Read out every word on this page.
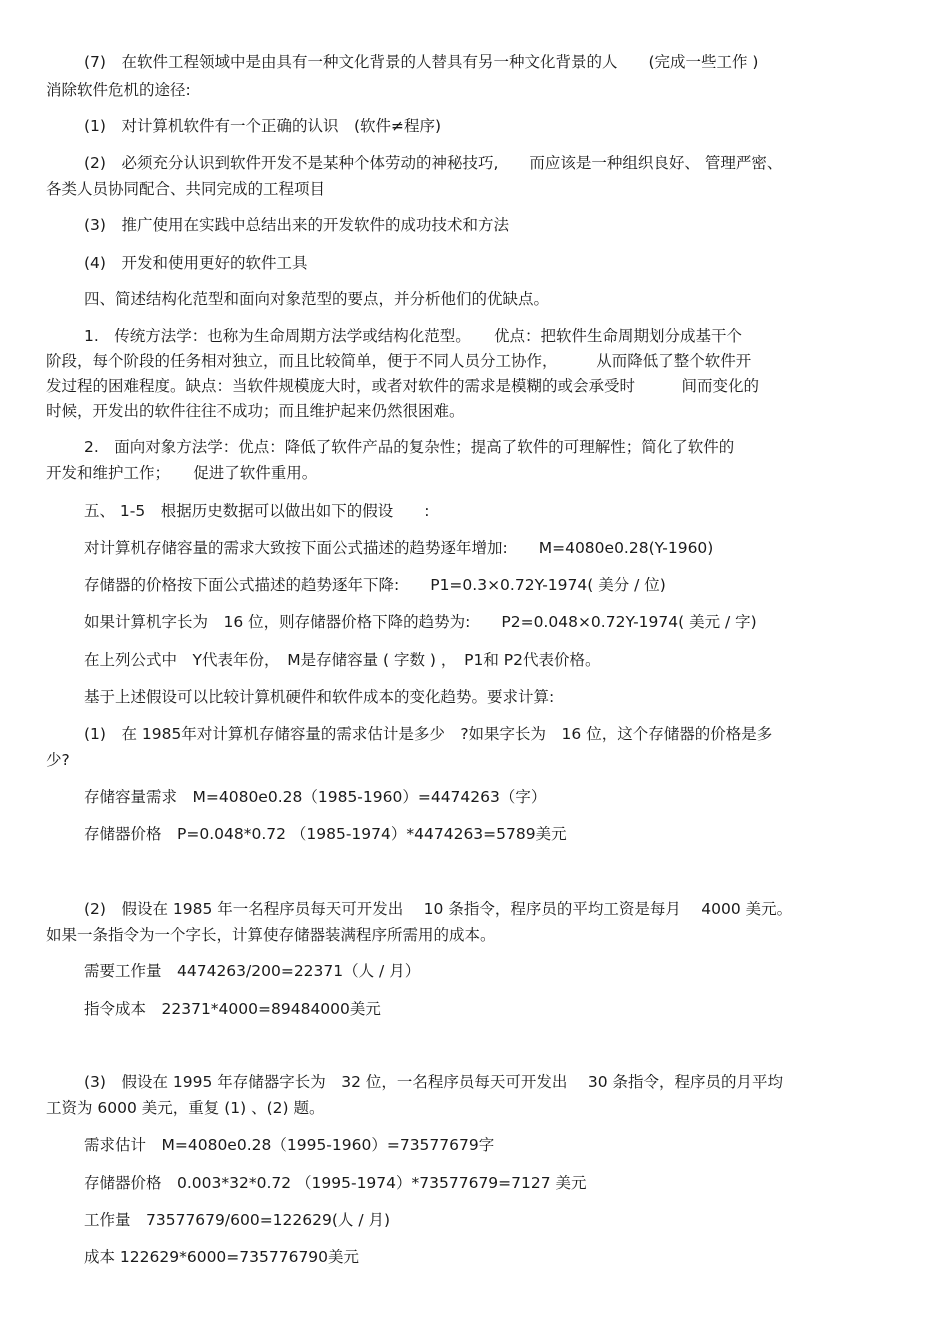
(7)　在软件工程领域中是由具有一种文化背景的人替具有另一种文化背景的人　　(完成一些工作 )
消除软件危机的途径:
(1)　对计算机软件有一个正确的认识　(软件≠程序)
(2)　必须充分认识到软件开发不是某种个体劳动的神秘技巧,　　而应该是一种组织良好、 管理严密、
各类人员协同配合、共同完成的工程项目
(3)　推广使用在实践中总结出来的开发软件的成功技术和方法
(4)　开发和使用更好的软件工具
四、简述结构化范型和面向对象范型的要点，并分析他们的优缺点。
1.　传统方法学：也称为生命周期方法学或结构化范型。　　优点：把软件生命周期划分成基干个
阶段，每个阶段的任务相对独立，而且比较简单，便于不同人员分工协作，　　　从而降低了整个软件开
发过程的困难程度。缺点：当软件规模庞大时，或者对软件的需求是模糊的或会承受时　　　间而变化的
时候，开发出的软件往往不成功；而且维护起来仍然很困难。
2.　面向对象方法学：优点：降低了软件产品的复杂性；提高了软件的可理解性；简化了软件的
开发和维护工作；　　促进了软件重用。
五、 1-5　根据历史数据可以做出如下的假设　　:
对计算机存储容量的需求大致按下面公式描述的趋势逐年增加:　　M=4080e0.28(Y-1960)
存储器的价格按下面公式描述的趋势逐年下降:　　P1=0.3×0.72Y-1974( 美分 / 位)
如果计算机字长为　16 位，则存储器价格下降的趋势为:　　P2=0.048×0.72Y-1974( 美元 / 字)
在上列公式中　Y代表年份，　M是存储容量 ( 字数 ) ，　P1和 P2代表价格。
基于上述假设可以比较计算机硬件和软件成本的变化趋势。要求计算:
(1)　在 1985年对计算机存储容量的需求估计是多少　?如果字长为　16 位，这个存储器的价格是多
少?
存储容量需求　M=4080e0.28（1985-1960）=4474263（字）
存储器价格　P=0.048*0.72 （1985-1974）*4474263=5789美元
(2)　假设在 1985 年一名程序员每天可开发出　 10 条指令，程序员的平均工资是每月　 4000 美元。
如果一条指令为一个字长，计算使存储器装满程序所需用的成本。
需要工作量　4474263/200=22371（人 / 月）
指令成本　22371*4000=89484000美元
(3)　假设在 1995 年存储器字长为　32 位，一名程序员每天可开发出　 30 条指令，程序员的月平均
工资为 6000 美元，重复 (1) 、(2) 题。
需求估计　M=4080e0.28（1995-1960）=73577679字
存储器价格　0.003*32*0.72 （1995-1974）*73577679=7127 美元
工作量　73577679/600=122629(人 / 月)
成本 122629*6000=735776790美元
